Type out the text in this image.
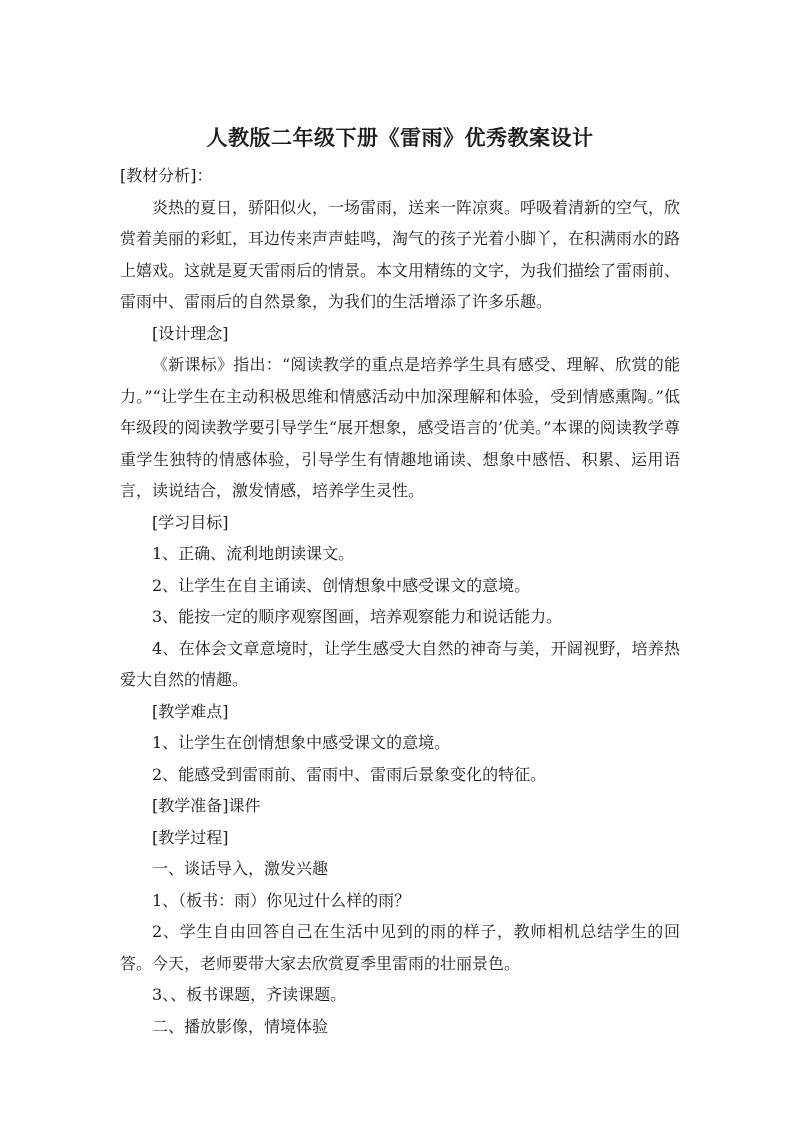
人教版二年级下册《雷雨》优秀教案设计

[教材分析]：

炎热的夏日，骄阳似火，一场雷雨，送来一阵凉爽。呼吸着清新的空气，欣赏着美丽的彩虹，耳边传来声声蛙鸣，淘气的孩子光着小脚丫，在积满雨水的路上嬉戏。这就是夏天雷雨后的情景。本文用精练的文字，为我们描绘了雷雨前、雷雨中、雷雨后的自然景象，为我们的生活增添了许多乐趣。

[设计理念]

《新课标》指出：“阅读教学的重点是培养学生具有感受、理解、欣赏的能力。”“让学生在主动积极思维和情感活动中加深理解和体验，受到情感熏陶。”低年级段的阅读教学要引导学生“展开想象，感受语言的’优美。”本课的阅读教学尊重学生独特的情感体验，引导学生有情趣地诵读、想象中感悟、积累、运用语言，读说结合，激发情感，培养学生灵性。

[学习目标]

1、正确、流利地朗读课文。

2、让学生在自主诵读、创情想象中感受课文的意境。

3、能按一定的顺序观察图画，培养观察能力和说话能力。

4、在体会文章意境时，让学生感受大自然的神奇与美，开阔视野，培养热爱大自然的情趣。

[教学难点]

1、让学生在创情想象中感受课文的意境。

2、能感受到雷雨前、雷雨中、雷雨后景象变化的特征。

[教学准备]课件

[教学过程]

一、谈话导入，激发兴趣

1、（板书：雨）你见过什么样的雨？

2、学生自由回答自己在生活中见到的雨的样子，教师相机总结学生的回答。今天，老师要带大家去欣赏夏季里雷雨的壮丽景色。

3、、板书课题，齐读课题。

二、播放影像，情境体验
